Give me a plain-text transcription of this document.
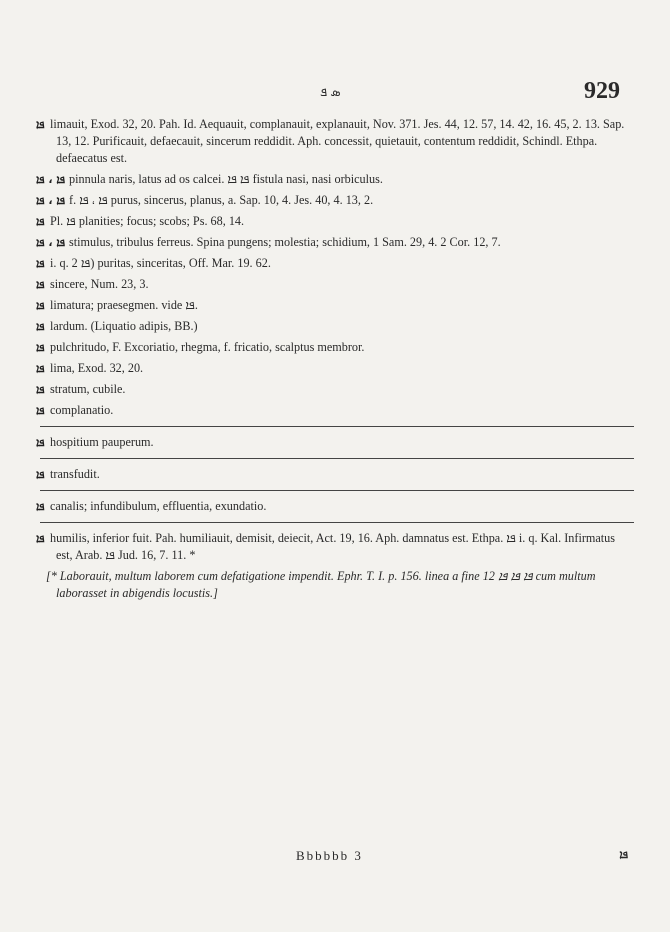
ܣ ܦ	929
ܦܐ limauit, Exod. 32, 20. Pah. Id. Aequauit, complanauit, explanauit, Nov. 371. Jes. 44, 12. 57, 14. 42, 16. 45, 2. 13. Sap. 13, 12. Purificauit, defaecauit, sincerum reddidit. Aph. concessit, quietauit, contentum reddidit, Schindl. Ethpa. defaecatus est.
ܦܐ ، ܦܐ pinnula naris, latus ad os calcei. ܦܐ ܦܐ fistula nasi, nasi orbiculus.
ܦܐ ، ܦܐ f. ܦܐ ، ܦܐ purus, sincerus, planus, a. Sap. 10, 4. Jes. 40, 4. 13, 2.
ܦܐ Pl. ܦܐ planities; focus; scobs; Ps. 68, 14.
ܦܐ ، ܦܐ stimulus, tribulus ferreus. Spina pungens; molestia; schidium, 1 Sam. 29, 4. 2 Cor. 12, 7.
ܦܐ i. q. ܦܐ 2) puritas, sinceritas, Off. Mar. 19. 62.
ܦܐ sincere, Num. 23, 3.
ܦܐ limatura; praesegmen. vide ܦܐ.
ܦܐ lardum. (Liquatio adipis, BB.)
ܦܐ pulchritudo, F. Excoriatio, rhegma, f. fricatio, scalptus membror.
ܦܐ lima, Exod. 32, 20.
ܦܐ stratum, cubile.
ܦܐ complanatio.
ܦܐ hospitium pauperum.
ܦܐ transfudit.
ܦܐ canalis; infundibulum, effluentia, exundatio.
ܦܐ humilis, inferior fuit. Pah. humiliauit, demisit, deiecit, Act. 19, 16. Aph. damnatus est. Ethpa. ܦܐ i. q. Kal. Infirmatus est, Arab. ܦܐ Jud. 16, 7. 11. *
[* Laborauit, multum laborem cum defatigatione impendit. Ephr. T. I. p. 156. linea a fine 12 ܦܐ ܦܐ ܦܐ cum multum laborasset in abigendis locustis.]
Bbbbbb 3	ܦܐ
